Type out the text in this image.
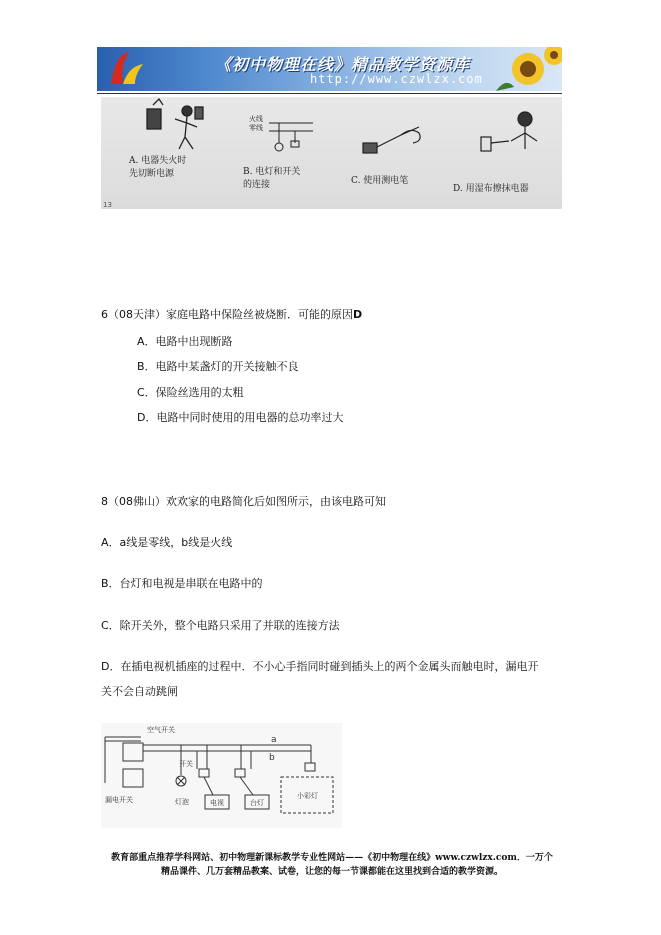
《初中物理在线》精品教学资源库
http://www.czwlzx.com
火线
零线
13
A. 电器失火时
先切断电源	B. 电灯和开关
的连接	C. 使用测电笔
D. 用湿布擦抹电器
6（08天津）家庭电路中保险丝被烧断．可能的原因D
A．电路中出现断路
B．电路中某盏灯的开关接触不良
C．保险丝选用的太粗
D．电路中同时使用的用电器的总功率过大
8（08佛山）欢欢家的电路简化后如图所示，由该电路可知
A．a线是零线，b线是火线
B．台灯和电视是串联在电路中的
C．除开关外，整个电路只采用了并联的连接方法
D．在插电视机插座的过程中．不小心手指同时碰到插头上的两个金属头而触电时，漏电开
关不会自动跳闸
空气开关
漏电开关
开关
灯泡	电视	台灯
小彩灯
a
b
教育部重点推荐学科网站、初中物理新课标教学专业性网站——《初中物理在线》www.czwlzx.com．一万个
精品课件、几万套精品教案、试卷，让您的每一节课都能在这里找到合适的教学资源。
